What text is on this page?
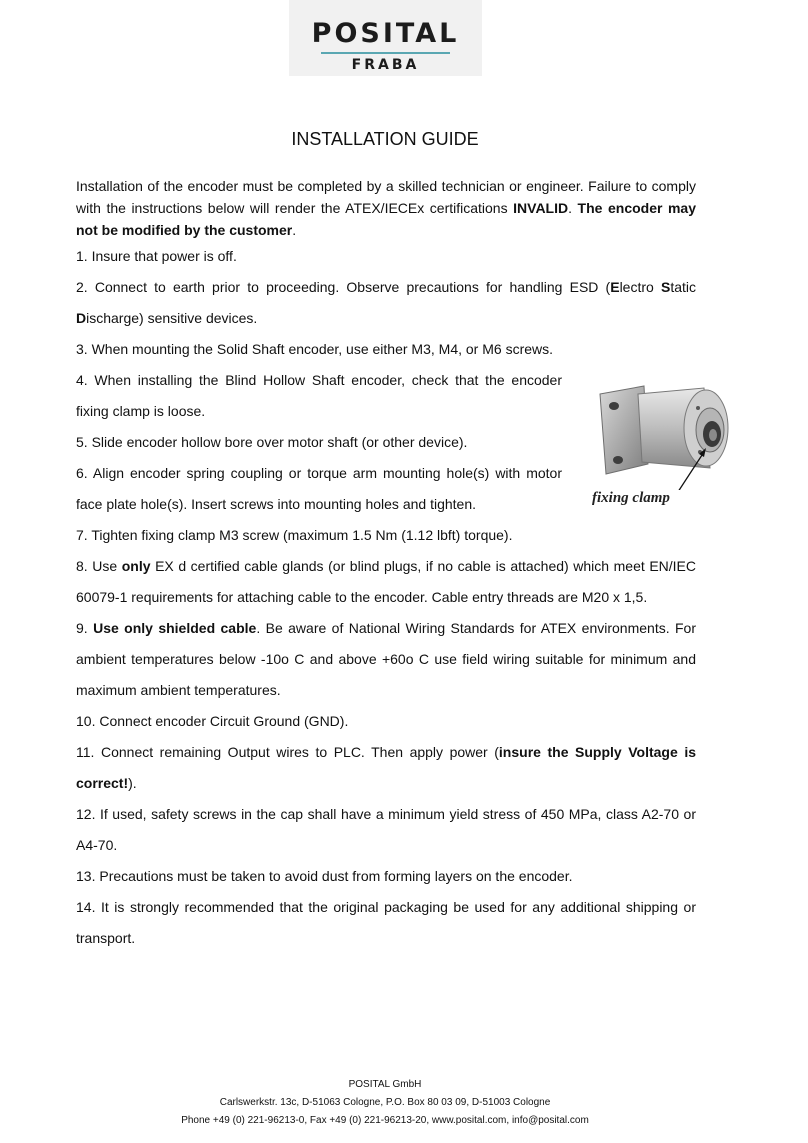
POSITAL
FRABA
INSTALLATION GUIDE

Installation of the encoder must be completed by a skilled technician or engineer. Failure to comply with the instructions below will render the ATEX/IECEx certifications INVALID. The encoder may not be modified by the customer.

1. Insure that power is off.

2. Connect to earth prior to proceeding. Observe precautions for handling ESD (Electro Static Discharge) sensitive devices.

3. When mounting the Solid Shaft encoder, use either M3, M4, or M6 screws.

4. When installing the Blind Hollow Shaft encoder, check that the encoder fixing clamp is loose.

5. Slide encoder hollow bore over motor shaft (or other device).

6. Align encoder spring coupling or torque arm mounting hole(s) with motor face plate hole(s). Insert screws into mounting holes and tighten.

7. Tighten fixing clamp M3 screw (maximum 1.5 Nm (1.12 lbft) torque).

8. Use only EX d certified cable glands (or blind plugs, if no cable is attached) which meet EN/IEC 60079-1 requirements for attaching cable to the encoder. Cable entry threads are M20 x 1,5.

9. Use only shielded cable. Be aware of National Wiring Standards for ATEX environments. For ambient temperatures below -10o C and above +60o C use field wiring suitable for minimum and maximum ambient temperatures.

10. Connect encoder Circuit Ground (GND).

11. Connect remaining Output wires to PLC. Then apply power (insure the Supply Voltage is correct!).

12. If used, safety screws in the cap shall have a minimum yield stress of 450 MPa, class A2-70 or A4-70.

13. Precautions must be taken to avoid dust from forming layers on the encoder.

14. It is strongly recommended that the original packaging be used for any additional shipping or transport.

fixing clamp
POSITAL GmbH
Carlswerkstr. 13c, D-51063 Cologne, P.O. Box 80 03 09, D-51003 Cologne
Phone +49 (0) 221-96213-0, Fax +49 (0) 221-96213-20, www.posital.com, info@posital.com
